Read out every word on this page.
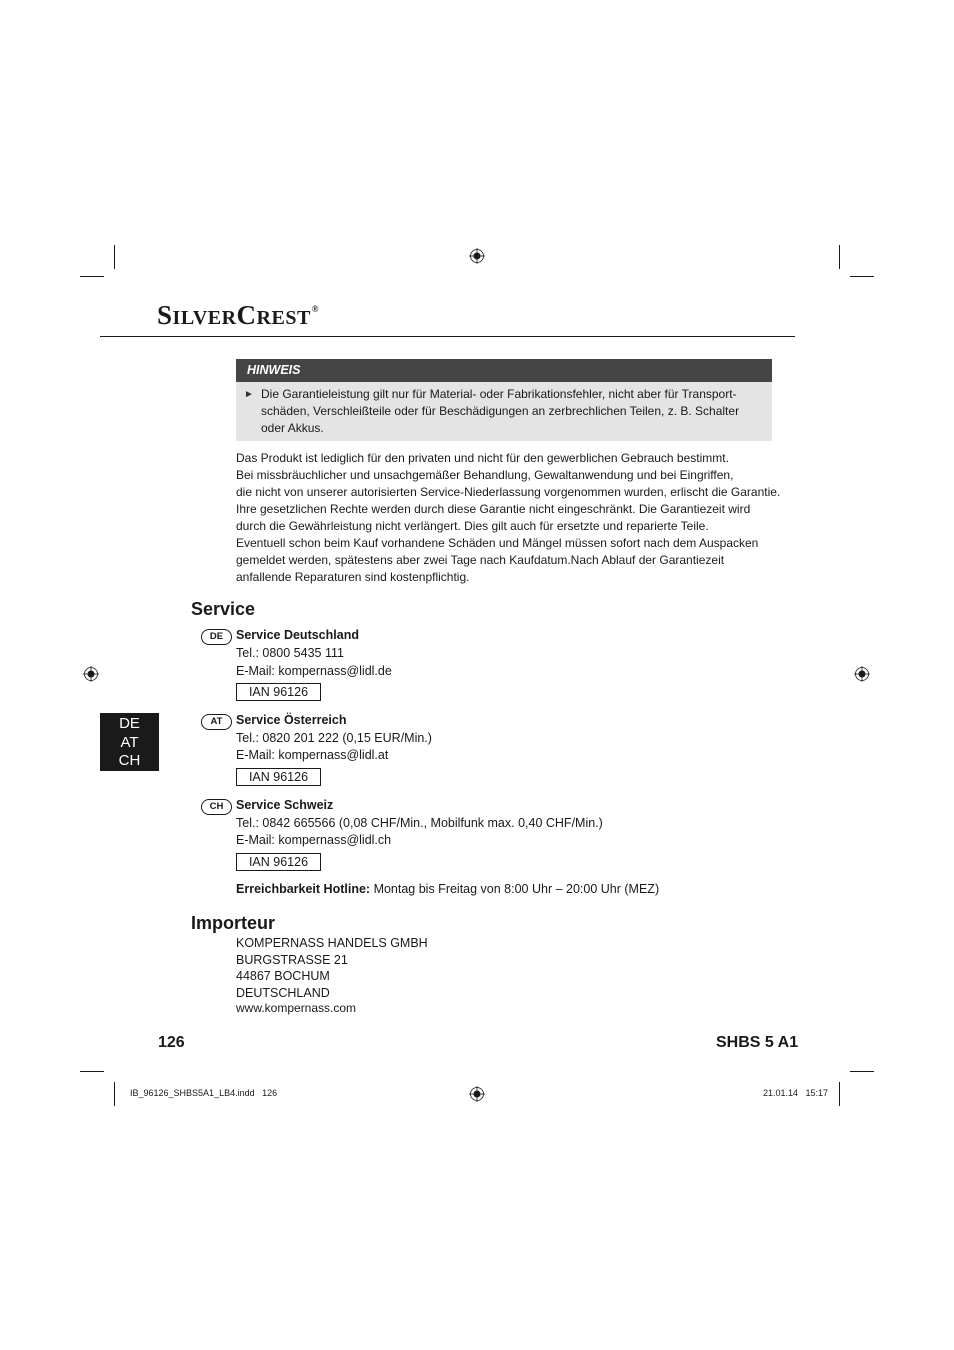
SILVERCREST®
HINWEIS
► Die Garantieleistung gilt nur für Material- oder Fabrikationsfehler, nicht aber für Transport-
schäden, Verschleißteile oder für Beschädigungen an zerbrechlichen Teilen, z. B. Schalter
oder Akkus.
Das Produkt ist lediglich für den privaten und nicht für den gewerblichen Gebrauch bestimmt.
Bei missbräuchlicher und unsachgemäßer Behandlung, Gewaltanwendung und bei Eingriffen,
die nicht von unserer autorisierten Service-Niederlassung vorgenommen wurden, erlischt die Garantie.
Ihre gesetzlichen Rechte werden durch diese Garantie nicht eingeschränkt. Die Garantiezeit wird
durch die Gewährleistung nicht verlängert. Dies gilt auch für ersetzte und reparierte Teile.
Eventuell schon beim Kauf vorhandene Schäden und Mängel müssen sofort nach dem Auspacken
gemeldet werden, spätestens aber zwei Tage nach Kaufdatum.Nach Ablauf der Garantiezeit
anfallende Reparaturen sind kostenpflichtig.
Service
DE	Service Deutschland
Tel.: 0800 5435 111
E-Mail: kompernass@lidl.de
IAN 96126
AT	Service Österreich
Tel.: 0820 201 222 (0,15 EUR/Min.)
E-Mail: kompernass@lidl.at
IAN 96126
CH	Service Schweiz
Tel.: 0842 665566 (0,08 CHF/Min., Mobilfunk max. 0,40 CHF/Min.)
E-Mail: kompernass@lidl.ch
IAN 96126
Erreichbarkeit Hotline: Montag bis Freitag von 8:00 Uhr – 20:00 Uhr (MEZ)
Importeur
KOMPERNASS HANDELS GMBH
BURGSTRASSE 21
44867 BOCHUM
DEUTSCHLAND
www.kompernass.com
DE
AT
CH
126	SHBS 5 A1
IB_96126_SHBS5A1_LB4.indd   126	21.01.14   15:17
